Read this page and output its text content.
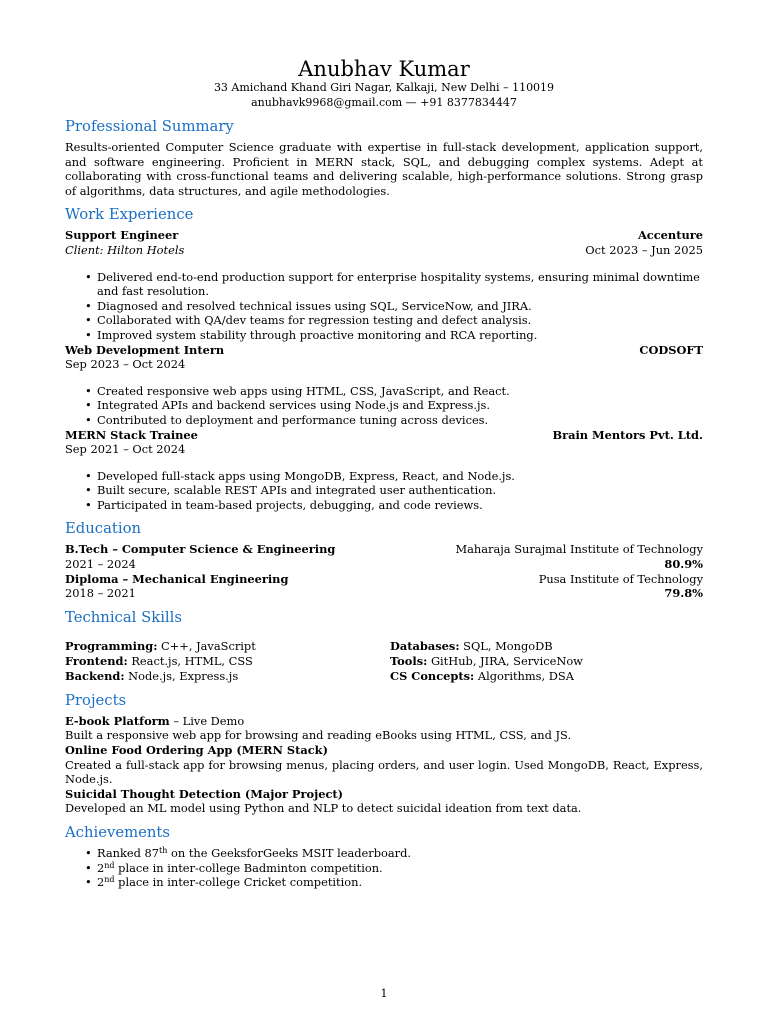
Anubhav Kumar
33 Amichand Khand Giri Nagar, Kalkaji, New Delhi – 110019
anubhavk9968@gmail.com — +91 8377834447
Professional Summary

Results-oriented Computer Science graduate with expertise in full-stack development, application support, and software engineering. Proficient in MERN stack, SQL, and debugging complex systems. Adept at collaborating with cross-functional teams and delivering scalable, high-performance solutions. Strong grasp of algorithms, data structures, and agile methodologies.

Work Experience
Support Engineer	Accenture
Client: Hilton Hotels	Oct 2023 – Jun 2025
• Delivered end-to-end production support for enterprise hospitality systems, ensuring minimal downtime and fast resolution.
• Diagnosed and resolved technical issues using SQL, ServiceNow, and JIRA.
• Collaborated with QA/dev teams for regression testing and defect analysis.
• Improved system stability through proactive monitoring and RCA reporting.
Web Development Intern	CODSOFT
Sep 2023 – Oct 2024
• Created responsive web apps using HTML, CSS, JavaScript, and React.
• Integrated APIs and backend services using Node.js and Express.js.
• Contributed to deployment and performance tuning across devices.
MERN Stack Trainee	Brain Mentors Pvt. Ltd.
Sep 2021 – Oct 2024
• Developed full-stack apps using MongoDB, Express, React, and Node.js.
• Built secure, scalable REST APIs and integrated user authentication.
• Participated in team-based projects, debugging, and code reviews.
Education
B.Tech – Computer Science & Engineering	Maharaja Surajmal Institute of Technology
2021 – 2024	80.9%
Diploma – Mechanical Engineering	Pusa Institute of Technology
2018 – 2021	79.8%
Technical Skills
Programming: C++, JavaScript	Databases: SQL, MongoDB
Frontend: React.js, HTML, CSS	Tools: GitHub, JIRA, ServiceNow
Backend: Node.js, Express.js	CS Concepts: Algorithms, DSA
Projects
E-book Platform – Live Demo
Built a responsive web app for browsing and reading eBooks using HTML, CSS, and JS.
Online Food Ordering App (MERN Stack)
Created a full-stack app for browsing menus, placing orders, and user login. Used MongoDB, React, Express, Node.js.
Suicidal Thought Detection (Major Project)
Developed an ML model using Python and NLP to detect suicidal ideation from text data.
Achievements
• Ranked 87th on the GeeksforGeeks MSIT leaderboard.
• 2nd place in inter-college Badminton competition.
• 2nd place in inter-college Cricket competition.
1
